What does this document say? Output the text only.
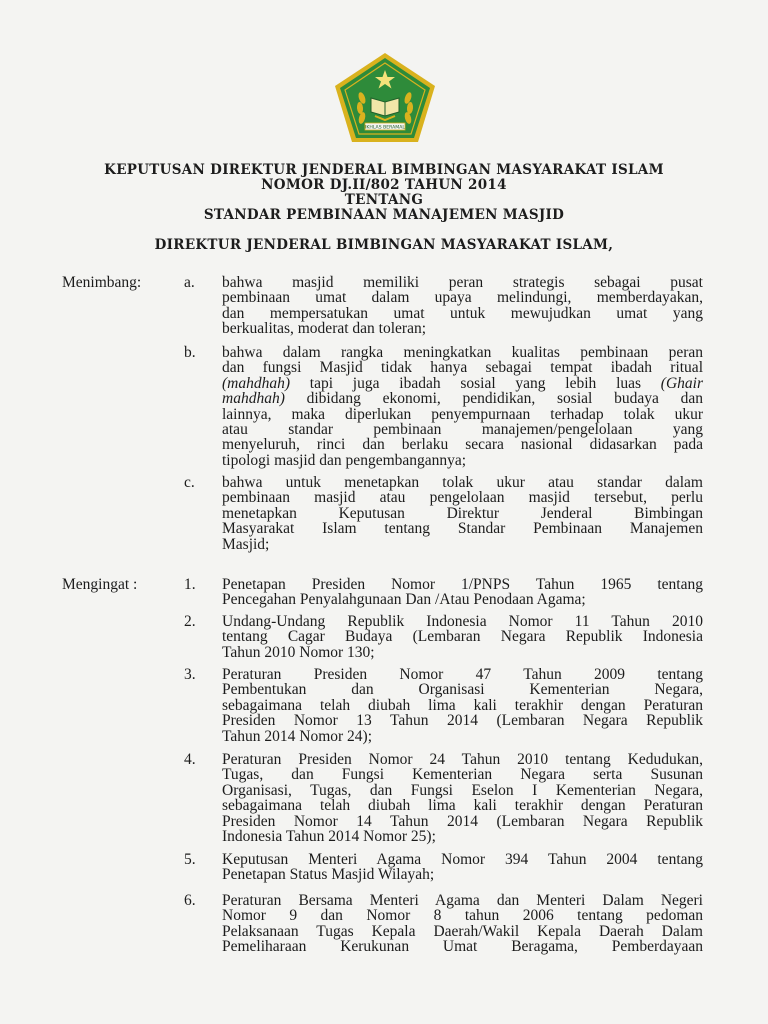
IKHLAS BERAMAL
KEPUTUSAN DIREKTUR JENDERAL BIMBINGAN MASYARAKAT ISLAM
NOMOR DJ.II/802 TAHUN 2014
TENTANG
STANDAR PEMBINAAN MANAJEMEN MASJID
DIREKTUR JENDERAL BIMBINGAN MASYARAKAT ISLAM,
Menimbang:	a. bahwa masjid memiliki peran strategis sebagai pusat
pembinaan umat dalam upaya melindungi, memberdayakan,
dan mempersatukan umat untuk mewujudkan umat yang
berkualitas, moderat dan toleran;
b. bahwa dalam rangka meningkatkan kualitas pembinaan peran
dan fungsi Masjid tidak hanya sebagai tempat ibadah ritual
(mahdhah) tapi juga ibadah sosial yang lebih luas (Ghair
mahdhah) dibidang ekonomi, pendidikan, sosial budaya dan
lainnya, maka diperlukan penyempurnaan terhadap tolak ukur
atau standar pembinaan manajemen/pengelolaan yang
menyeluruh, rinci dan berlaku secara nasional didasarkan pada
tipologi masjid dan pengembangannya;
c. bahwa untuk menetapkan tolak ukur atau standar dalam
pembinaan masjid atau pengelolaan masjid tersebut, perlu
menetapkan Keputusan Direktur Jenderal Bimbingan
Masyarakat Islam tentang Standar Pembinaan Manajemen
Masjid;
Mengingat :	1. Penetapan Presiden Nomor 1/PNPS Tahun 1965 tentang
Pencegahan Penyalahgunaan Dan /Atau Penodaan Agama;
2. Undang-Undang Republik Indonesia Nomor 11 Tahun 2010
tentang Cagar Budaya (Lembaran Negara Republik Indonesia
Tahun 2010 Nomor 130;
3. Peraturan Presiden Nomor 47 Tahun 2009 tentang
Pembentukan dan Organisasi Kementerian Negara,
sebagaimana telah diubah lima kali terakhir dengan Peraturan
Presiden Nomor 13 Tahun 2014 (Lembaran Negara Republik
Tahun 2014 Nomor 24);
4. Peraturan Presiden Nomor 24 Tahun 2010 tentang Kedudukan,
Tugas, dan Fungsi Kementerian Negara serta Susunan
Organisasi, Tugas, dan Fungsi Eselon I Kementerian Negara,
sebagaimana telah diubah lima kali terakhir dengan Peraturan
Presiden Nomor 14 Tahun 2014 (Lembaran Negara Republik
Indonesia Tahun 2014 Nomor 25);
5. Keputusan Menteri Agama Nomor 394 Tahun 2004 tentang
Penetapan Status Masjid Wilayah;
6. Peraturan Bersama Menteri Agama dan Menteri Dalam Negeri
Nomor 9 dan Nomor 8 tahun 2006 tentang pedoman
Pelaksanaan Tugas Kepala Daerah/Wakil Kepala Daerah Dalam
Pemeliharaan Kerukunan Umat Beragama, Pemberdayaan
